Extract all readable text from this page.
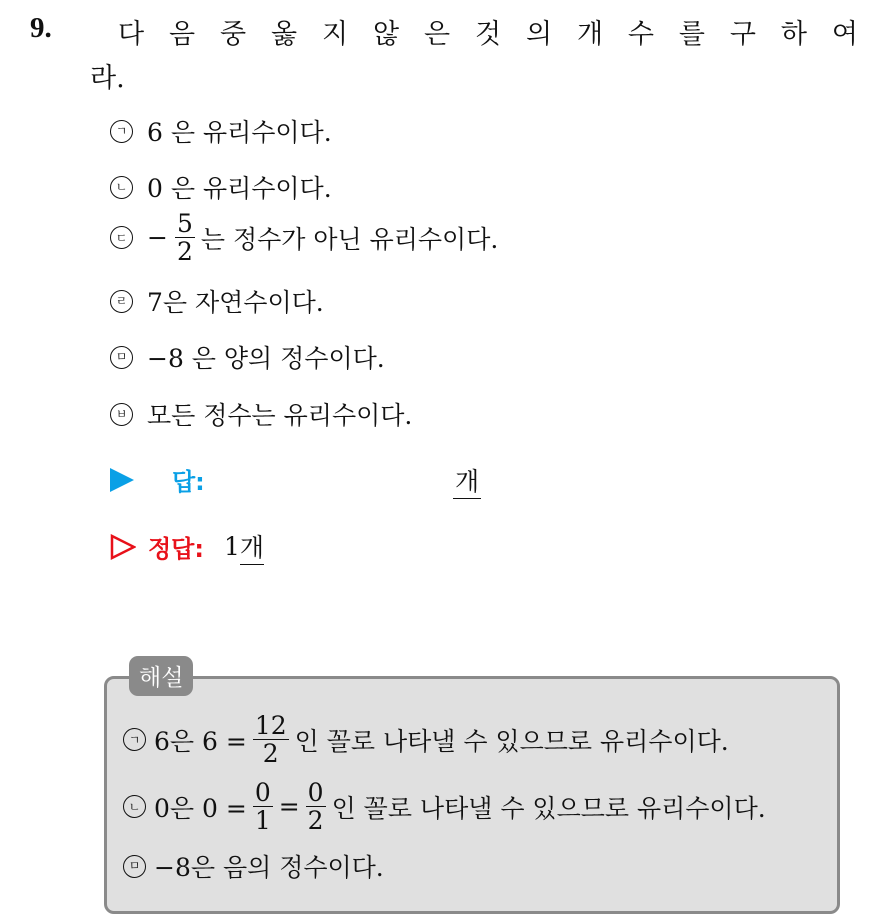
9. 다 음 중 옳 지 않 은 것 의 개 수 를 구 하 여
라.
ㄱ 6 은 유리수이다.
ㄴ 0 은 유리수이다.
ㄷ − $\frac{5}{2}$ 는 정수가 아닌 유리수이다.
ㄹ 7은 자연수이다.
ㅁ −8 은 양의 정수이다.
ㅂ 모든 정수는 유리수이다.
답:	개
정답: 1 개
해설
ㄱ 6은 $6 = \frac{12}{2}$ 인 꼴로 나타낼 수 있으므로 유리수이다.
ㄴ 0은 $0 = \frac{0}{1} = \frac{0}{2}$ 인 꼴로 나타낼 수 있으므로 유리수이다.
ㅁ −8은 음의 정수이다.
